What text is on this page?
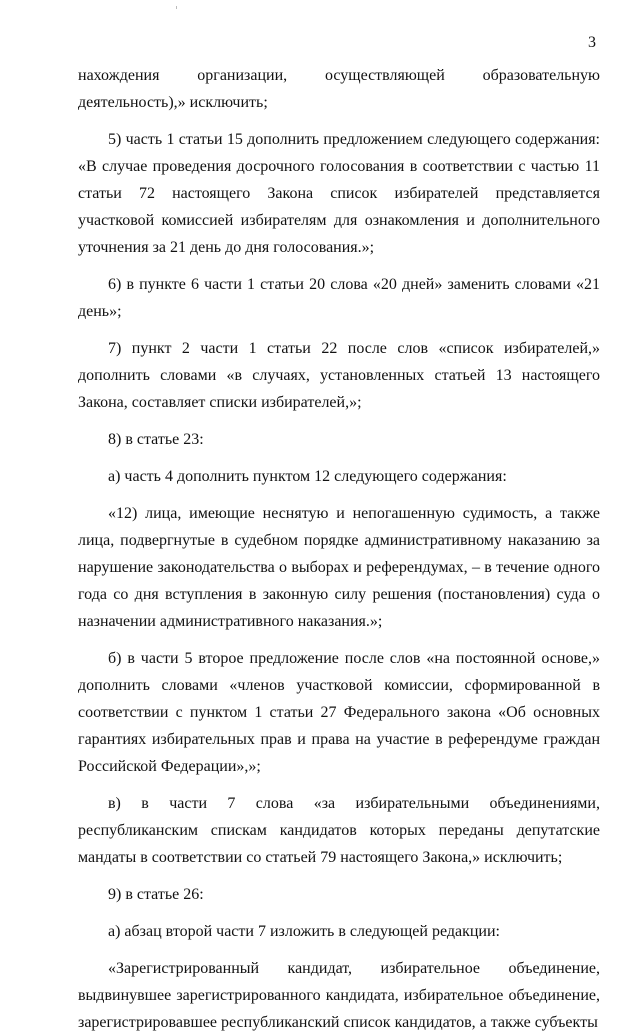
3

нахождения организации, осуществляющей образовательную деятельность),» исключить;

5) часть 1 статьи 15 дополнить предложением следующего содержания: «В случае проведения досрочного голосования в соответствии с частью 11 статьи 72 настоящего Закона список избирателей представляется участковой комиссией избирателям для ознакомления и дополнительного уточнения за 21 день до дня голосования.»;

6) в пункте 6 части 1 статьи 20 слова «20 дней» заменить словами «21 день»;

7) пункт 2 части 1 статьи 22 после слов «список избирателей,» дополнить словами «в случаях, установленных статьей 13 настоящего Закона, составляет списки избирателей,»;

8) в статье 23:

а) часть 4 дополнить пунктом 12 следующего содержания:

«12) лица, имеющие неснятую и непогашенную судимость, а также лица, подвергнутые в судебном порядке административному наказанию за нарушение законодательства о выборах и референдумах, – в течение одного года со дня вступления в законную силу решения (постановления) суда о назначении административного наказания.»;

б) в части 5 второе предложение после слов «на постоянной основе,» дополнить словами «членов участковой комиссии, сформированной в соответствии с пунктом 1 статьи 27 Федерального закона «Об основных гарантиях избирательных прав и права на участие в референдуме граждан Российской Федерации»,»;

в) в части 7 слова «за избирательными объединениями, республиканским спискам кандидатов которых переданы депутатские мандаты в соответствии со статьей 79 настоящего Закона,» исключить;

9) в статье 26:

а) абзац второй части 7 изложить в следующей редакции:

«Зарегистрированный кандидат, избирательное объединение, выдвинувшее зарегистрированного кандидата, избирательное объединение, зарегистрировавшее республиканский список кандидатов, а также субъекты
